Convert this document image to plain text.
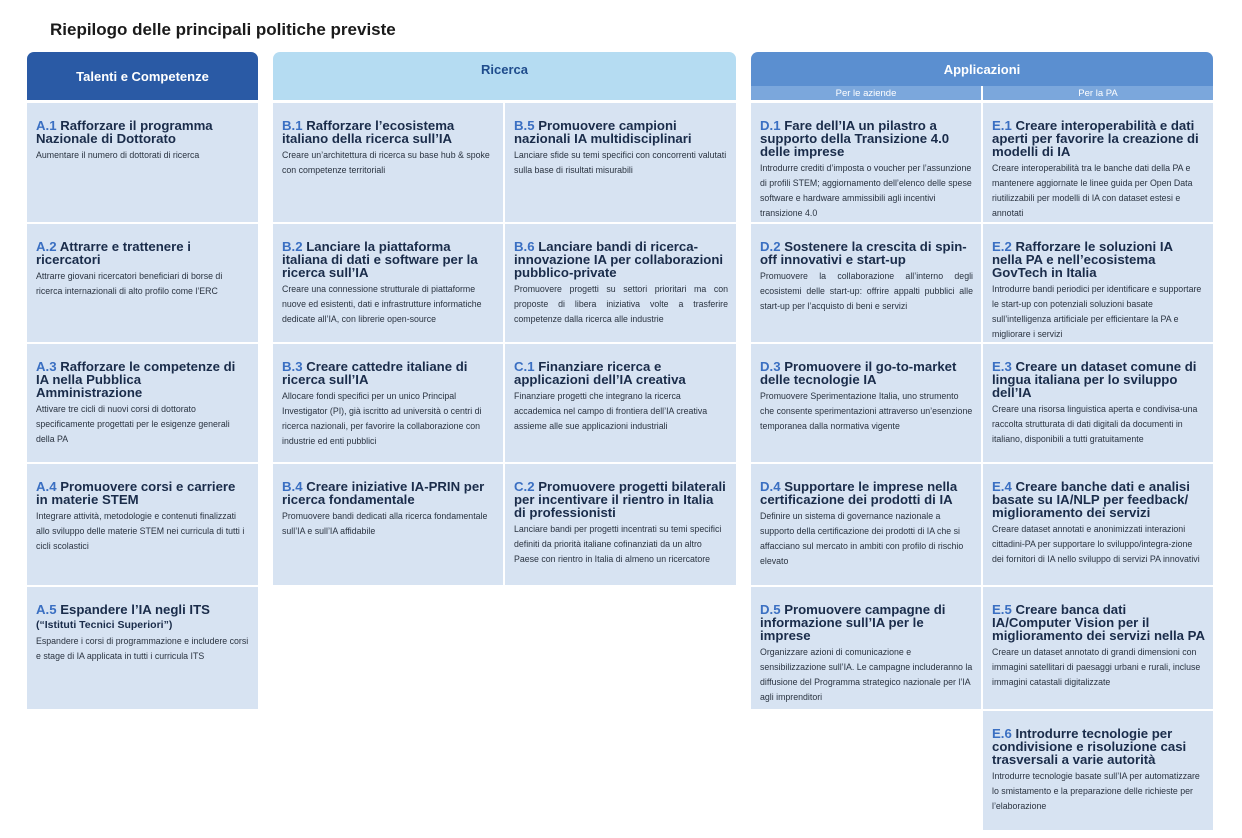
Riepilogo delle principali politiche previste
Talenti e Competenze	Ricerca	Applicazioni
Per le aziende	Per la PA
A.1 Rafforzare il programma Nazionale di Dottorato
Aumentare il numero di dottorati di ricerca
A.2 Attrarre e trattenere i ricercatori
Attrarre giovani ricercatori beneficiari di borse di ricerca internazionali di alto profilo come l’ERC
A.3 Rafforzare le competenze di IA nella Pubblica Amministrazione
Attivare tre cicli di nuovi corsi di dottorato specificamente progettati per le esigenze generali della PA
A.4 Promuovere corsi e carriere in materie STEM
Integrare attività, metodologie e contenuti finalizzati allo sviluppo delle materie STEM nei curricula di tutti i cicli scolastici
A.5 Espandere l’IA negli ITS
(“Istituti Tecnici Superiori”)
Espandere i corsi di programmazione e includere corsi e stage di IA applicata in tutti i curricula ITS
B.1 Rafforzare l’ecosistema italiano della ricerca sull’IA
Creare un’architettura di ricerca su base hub & spoke con competenze territoriali
B.2 Lanciare la piattaforma italiana di dati e software per la ricerca sull’IA
Creare una connessione strutturale di piattaforme nuove ed esistenti, dati e infrastrutture informatiche dedicate all’IA, con librerie open-source
B.3 Creare cattedre italiane di ricerca sull’IA
Allocare fondi specifici per un unico Principal Investigator (PI), già iscritto ad università o centri di ricerca nazionali, per favorire la collaborazione con industrie ed enti pubblici
B.4 Creare iniziative IA-PRIN per ricerca fondamentale
Promuovere bandi dedicati alla ricerca fondamentale sull’IA e sull’IA affidabile
B.5 Promuovere campioni nazionali IA multidisciplinari
Lanciare sfide su temi specifici con concorrenti valutati sulla base di risultati misurabili
B.6 Lanciare bandi di ricerca-innovazione IA per collaborazioni pubblico-private
Promuovere progetti su settori prioritari ma con proposte di libera iniziativa volte a trasferire competenze dalla ricerca alle industrie
C.1 Finanziare ricerca e applicazioni dell’IA creativa
Finanziare progetti che integrano la ricerca accademica nel campo di frontiera dell’IA creativa assieme alle sue applicazioni industriali
C.2 Promuovere progetti bilaterali per incentivare il rientro in Italia di professionisti
Lanciare bandi per progetti incentrati su temi specifici definiti da priorità italiane cofinanziati da un altro Paese con rientro in Italia di almeno un ricercatore
D.1 Fare dell’IA un pilastro a supporto della Transizione 4.0 delle imprese
Introdurre crediti d’imposta o voucher per l’assunzione di profili STEM; aggiornamento dell’elenco delle spese software e hardware ammissibili agli incentivi transizione 4.0
D.2 Sostenere la crescita di spin-off innovativi e start-up
Promuovere la collaborazione all’interno degli ecosistemi delle start-up: offrire appalti pubblici alle start-up per l’acquisto di beni e servizi
D.3 Promuovere il go-to-market delle tecnologie IA
Promuovere Sperimentazione Italia, uno strumento che consente sperimentazioni attraverso un’esenzione temporanea dalla normativa vigente
D.4 Supportare le imprese nella certificazione dei prodotti di IA
Definire un sistema di governance nazionale a supporto della certificazione dei prodotti di IA che si affacciano sul mercato in ambiti con profilo di rischio elevato
D.5 Promuovere campagne di informazione sull’IA per le imprese
Organizzare azioni di comunicazione e sensibilizzazione sull’IA. Le campagne includeranno la diffusione del Programma strategico nazionale per l’IA agli imprenditori
E.1 Creare interoperabilità e dati aperti per favorire la creazione di modelli di IA
Creare interoperabilità tra le banche dati della PA e mantenere aggiornate le linee guida per Open Data riutilizzabili per modelli di IA con dataset estesi e annotati
E.2 Rafforzare le soluzioni IA nella PA e nell’ecosistema GovTech in Italia
Introdurre bandi periodici per identificare e supportare le start-up con potenziali soluzioni basate sull’intelligenza artificiale per efficientare la PA e migliorare i servizi
E.3 Creare un dataset comune di lingua italiana per lo sviluppo dell’IA
Creare una risorsa linguistica aperta e condivisa-una raccolta strutturata di dati digitali da documenti in italiano, disponibili a tutti gratuitamente
E.4 Creare banche dati e analisi basate su IA/NLP per feedback/ miglioramento dei servizi
Creare dataset annotati e anonimizzati interazioni cittadini-PA per supportare lo sviluppo/integra-zione dei fornitori di IA nello sviluppo di servizi PA innovativi
E.5 Creare banca dati IA/Computer Vision per il miglioramento dei servizi nella PA
Creare un dataset annotato di grandi dimensioni con immagini satellitari di paesaggi urbani e rurali, incluse immagini catastali digitalizzate
E.6 Introdurre tecnologie per condivisione e risoluzione casi trasversali a varie autorità
Introdurre tecnologie basate sull’IA per automatizzare lo smistamento e la preparazione delle richieste per l’elaborazione
